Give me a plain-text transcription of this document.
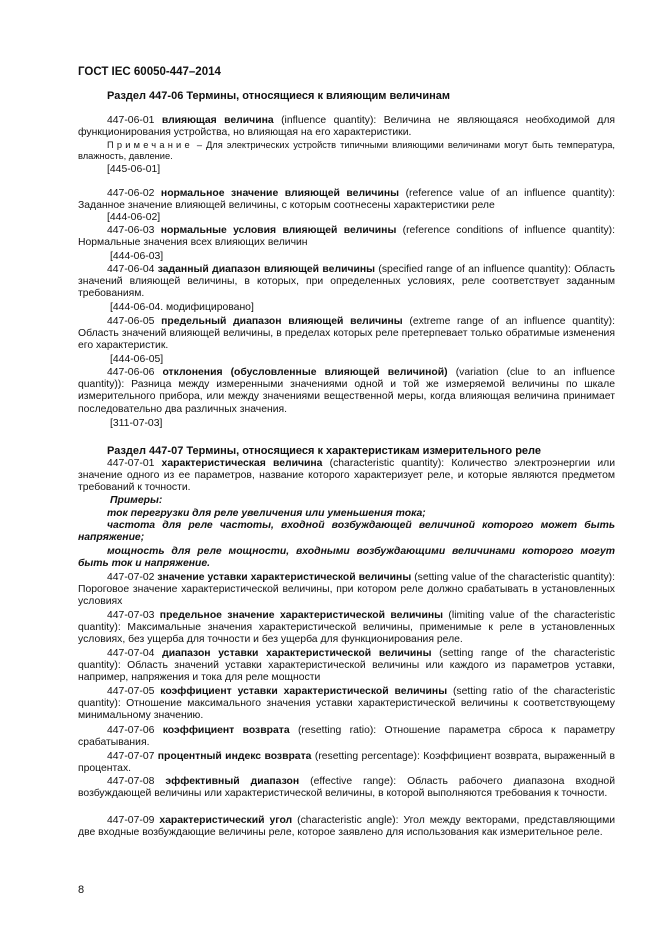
ГОСТ IEC 60050-447–2014
Раздел 447-06 Термины, относящиеся к влияющим величинам
447-06-01 влияющая величина (influence quantity): Величина не являющаяся необходимой для функционирования устройства, но влияющая на его характеристики.
Примечание – Для электрических устройств типичными влияющими величинами могут быть температура, влажность, давление.
[445-06-01]
447-06-02 нормальное значение влияющей величины (reference value of an influence quantity): Заданное значение влияющей величины, с которым соотнесены характеристики реле
[444-06-02]
447-06-03 нормальные условия влияющей величины (reference conditions of influence quantity): Нормальные значения всех влияющих величин
[444-06-03]
447-06-04 заданный диапазон влияющей величины (specified range of an influence quantity): Область значений влияющей величины, в которых, при определенных условиях, реле соответствует заданным требованиям.
[444-06-04. модифицировано]
447-06-05 предельный диапазон влияющей величины (extreme range of an influence quantity): Область значений влияющей величины, в пределах которых реле претерпевает только обратимые изменения его характеристик.
[444-06-05]
447-06-06 отклонения (обусловленные влияющей величиной) (variation (clue to an influence quantity)): Разница между измеренными значениями одной и той же измеряемой величины по шкале измерительного прибора, или между значениями вещественной меры, когда влияющая величина принимает последовательно два различных значения.
[311-07-03]
Раздел 447-07 Термины, относящиеся к характеристикам измерительного реле
447-07-01 характеристическая величина (characteristic quantity): Количество электроэнергии или значение одного из ее параметров, название которого характеризует реле, и которые являются предметом требований к точности.
Примеры:
ток перегрузки для реле увеличения или уменьшения тока;
частота для реле частоты, входной возбуждающей величиной которого может быть напряжение;
мощность для реле мощности, входными возбуждающими величинами которого могут быть ток и напряжение.
447-07-02 значение уставки характеристической величины (setting value of the characteristic quantity): Пороговое значение характеристической величины, при котором реле должно срабатывать в установленных условиях
447-07-03 предельное значение характеристической величины (limiting value of the characteristic quantity): Максимальные значения характеристической величины, применимые к реле в установленных условиях, без ущерба для точности и без ущерба для функционирования реле.
447-07-04 диапазон уставки характеристической величины (setting range of the characteristic quantity): Область значений уставки характеристической величины или каждого из параметров уставки, например, напряжения и тока для реле мощности
447-07-05 коэффициент уставки характеристической величины (setting ratio of the characteristic quantity): Отношение максимального значения уставки характеристической величины к соответствующему минимальному значению.
447-07-06 коэффициент возврата (resetting ratio): Отношение параметра сброса к параметру срабатывания.
447-07-07 процентный индекс возврата (resetting percentage): Коэффициент возврата, выраженный в процентах.
447-07-08 эффективный диапазон (effective range): Область рабочего диапазона входной возбуждающей величины или характеристической величины, в которой выполняются требования к точности.
447-07-09 характеристический угол (characteristic angle): Угол между векторами, представляющими две входные возбуждающие величины реле, которое заявлено для использования как измерительное реле.
8
